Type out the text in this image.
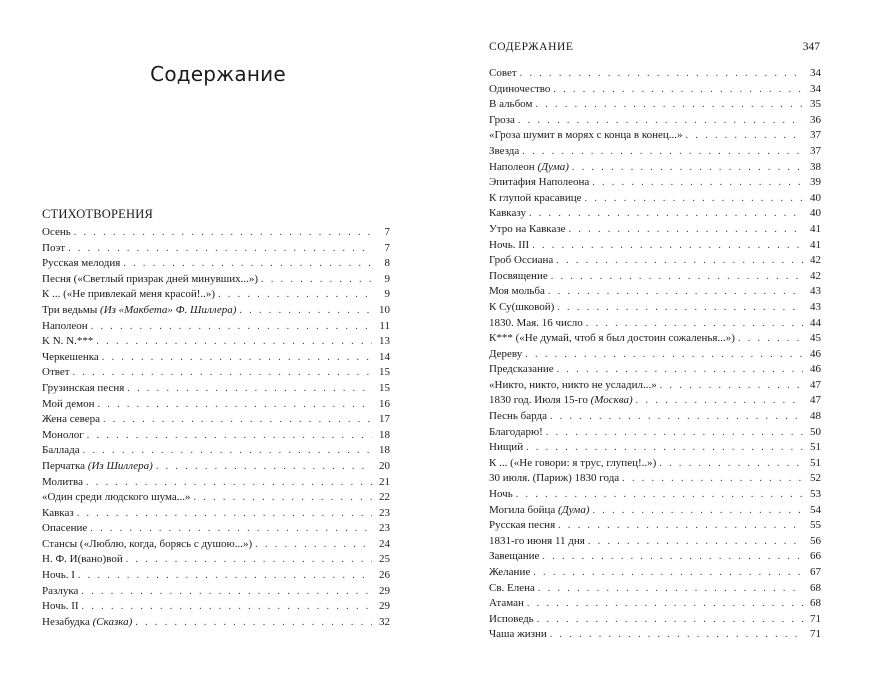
Содержание
СТИХОТВОРЕНИЯ
Осень . . .	7
Поэт . . .	7
Русская мелодия . . .	8
Песня («Светлый призрак дней минувших...») . . .	9
К ... («Не привлекай меня красой!..») . . .	9
Три ведьмы (Из «Макбета» Ф. Шиллера) . . .	10
Наполеон . . .	11
K N. N.*** . . .	13
Черкешенка . . .	14
Ответ . . .	15
Грузинская песня . . .	15
Мой демон . . .	16
Жена севера . . .	17
Монолог . . .	18
Баллада . . .	18
Перчатка (Из Шиллера) . . .	20
Молитва . . .	21
«Один среди людского шума...» . . .	22
Кавказ . . .	23
Опасение . . .	23
Стансы («Люблю, когда, борясь с душою...») . . .	24
Н. Ф. И(вано)вой . . .	25
Ночь. I . . .	26
Разлука . . .	29
Ночь. II . . .	29
Незабудка (Сказка) . . .	32
СОДЕРЖАНИЕ	347
Совет . . .	34
Одиночество . . .	34
В альбом . . .	35
Гроза . . .	36
«Гроза шумит в морях с конца в конец...» . . .	37
Звезда . . .	37
Наполеон (Дума) . . .	38
Эпитафия Наполеона . . .	39
К глупой красавице . . .	40
Кавказу . . .	40
Утро на Кавказе . . .	41
Ночь. III . . .	41
Гроб Оссиана . . .	42
Посвящение . . .	42
Моя мольба . . .	43
К Су(шковой) . . .	43
1830. Мая. 16 число . . .	44
К*** («Не думай, чтоб я был достоин сожаленья...») . . .	45
Дереву . . .	46
Предсказание . . .	46
«Никто, никто, никто не усладил...» . . .	47
1830 год. Июля 15-го (Москва) . . .	47
Песнь барда . . .	48
Благодарю! . . .	50
Нищий . . .	51
К ... («Не говори: я трус, глупец!..») . . .	51
30 июля. (Париж) 1830 года . . .	52
Ночь . . .	53
Могила бойца (Дума) . . .	54
Русская песня . . .	55
1831-го июня 11 дня . . .	56
Завещание . . .	66
Желание . . .	67
Св. Елена . . .	68
Атаман . . .	68
Исповедь . . .	71
Чаша жизни . . .	71
